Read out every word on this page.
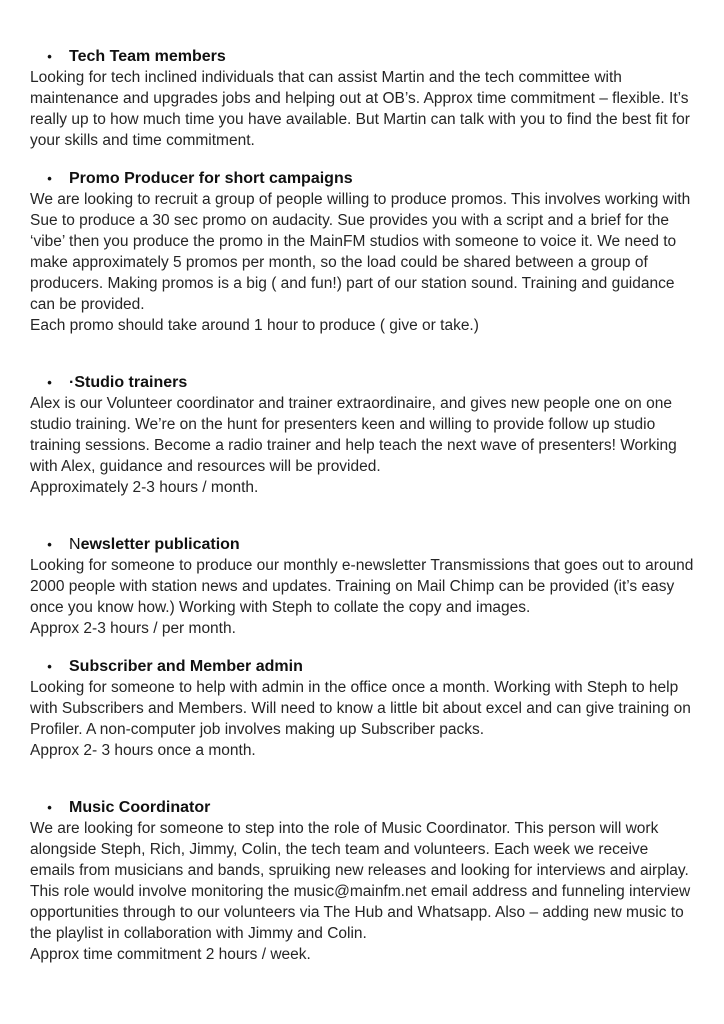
• Tech Team members

Looking for tech inclined individuals that can assist Martin and the tech committee with maintenance and upgrades jobs and helping out at OB’s. Approx time commitment – flexible. It’s really up to how much time you have available. But Martin can talk with you to find the best fit for your skills and time commitment.

• Promo Producer for short campaigns

We are looking to recruit a group of people willing to produce promos. This involves working with Sue to produce a 30 sec promo on audacity. Sue provides you with a script and a brief for the ‘vibe’ then you produce the promo in the MainFM studios with someone to voice it. We need to make approximately 5 promos per month, so the load could be shared between a group of producers. Making promos is a big ( and fun!) part of our station sound. Training and guidance can be provided.

Each promo should take around 1 hour to produce ( give or take.)

• ·Studio trainers

Alex is our Volunteer coordinator and trainer extraordinaire, and gives new people one on one studio training. We’re on the hunt for presenters keen and willing to provide follow up studio training sessions. Become a radio trainer and help teach the next wave of presenters! Working with Alex, guidance and resources will be provided.

Approximately 2-3 hours / month.

• Newsletter publication

Looking for someone to produce our monthly e-newsletter Transmissions that goes out to around 2000 people with station news and updates. Training on Mail Chimp can be provided (it’s easy once you know how.) Working with Steph to collate the copy and images.

Approx 2-3 hours / per month.

• Subscriber and Member admin

Looking for someone to help with admin in the office once a month. Working with Steph to help with Subscribers and Members. Will need to know a little bit about excel and can give training on Profiler. A non-computer job involves making up Subscriber packs.

Approx 2- 3 hours once a month.

• Music Coordinator

We are looking for someone to step into the role of Music Coordinator. This person will work alongside Steph, Rich, Jimmy, Colin, the tech team and volunteers. Each week we receive emails from musicians and bands, spruiking new releases and looking for interviews and airplay. This role would involve monitoring the music@mainfm.net email address and funneling interview opportunities through to our volunteers via The Hub and Whatsapp. Also – adding new music to the playlist in collaboration with Jimmy and Colin.

Approx time commitment 2 hours / week.
